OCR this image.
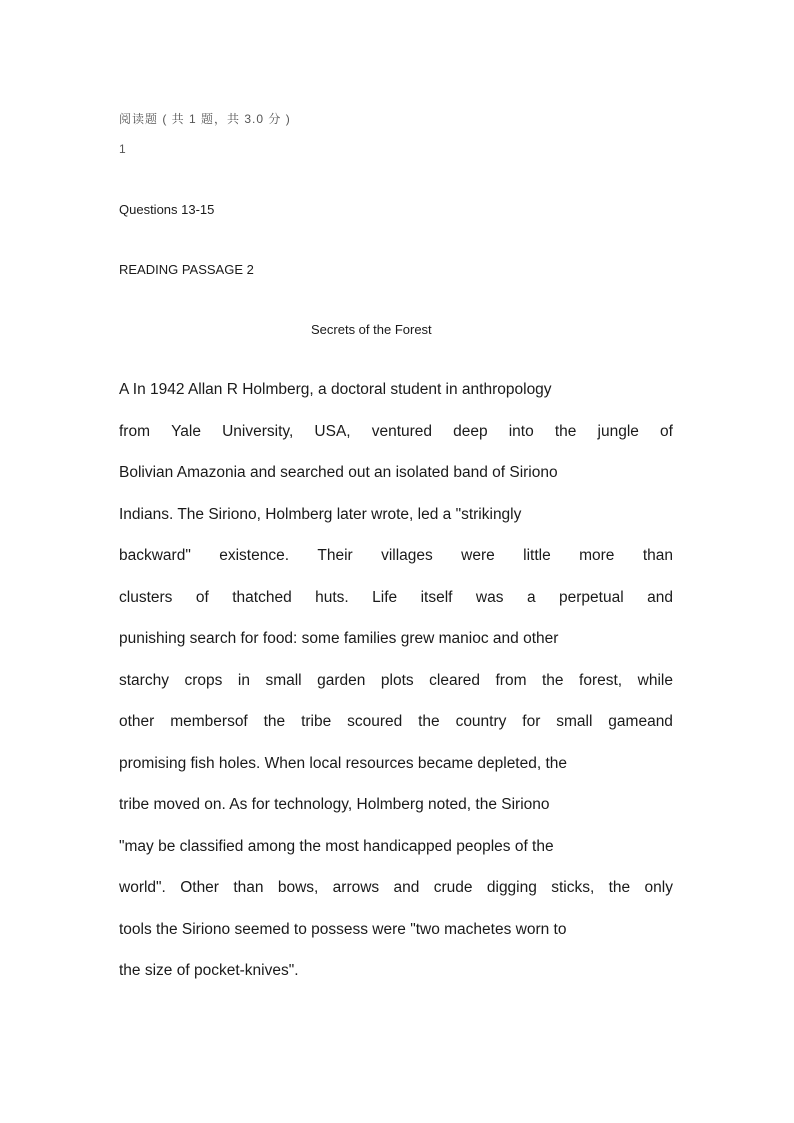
阅读题 ( 共 1 题，共 3.0 分 )
1
Questions 13-15
READING PASSAGE 2
Secrets of the Forest
A In 1942 Allan R Holmberg, a doctoral student in anthropology
from Yale University, USA, ventured deep into the jungle of
Bolivian Amazonia and searched out an isolated band of Siriono
Indians. The Siriono, Holmberg later wrote, led a "strikingly
backward" existence. Their villages were little more than
clusters of thatched huts. Life itself was a perpetual and
punishing search for food: some families grew manioc and other
starchy crops in small garden plots cleared from the forest, while
other membersof the tribe scoured the country for small gameand
promising fish holes. When local resources became depleted, the
tribe moved on. As for technology, Holmberg noted, the Siriono
"may be classified among the most handicapped peoples of the
world". Other than bows, arrows and crude digging sticks, the only
tools the Siriono seemed to possess were "two machetes worn to
the size of pocket-knives".
